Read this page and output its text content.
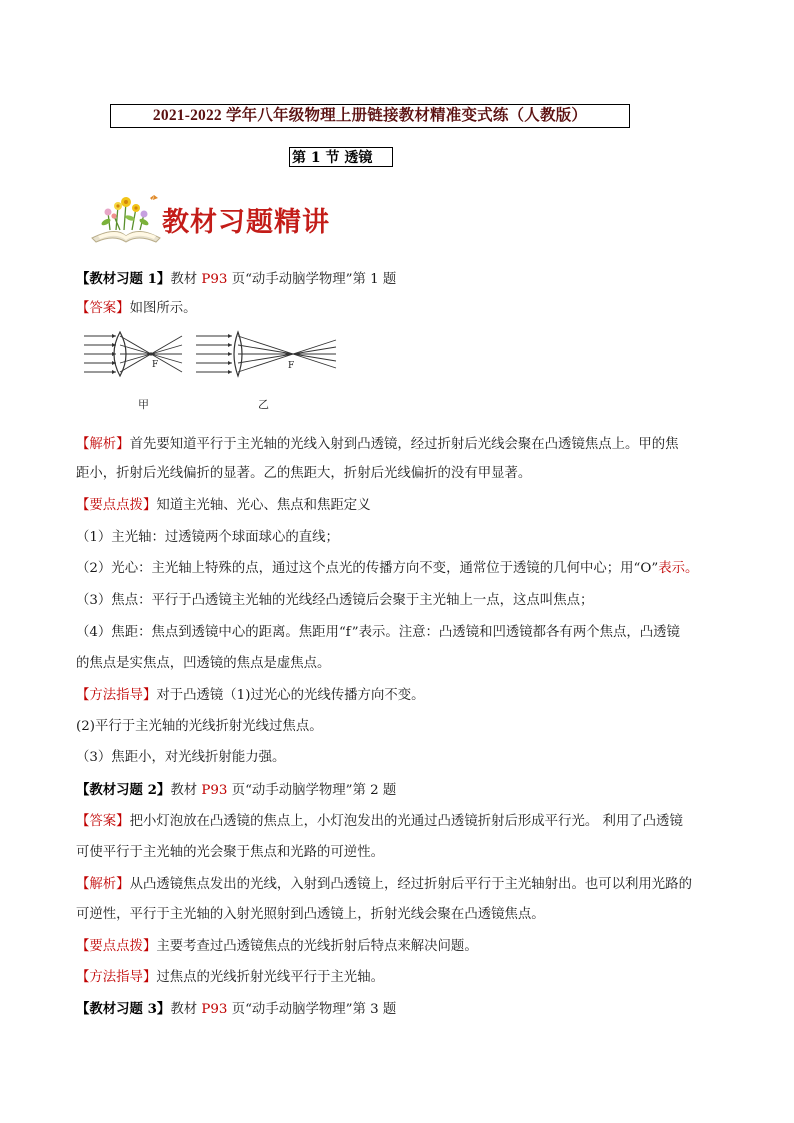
2021-2022 学年八年级物理上册链接教材精准变式练（人教版）
第 1 节 透镜
教材习题精讲
【教材习题 1】教材 P93 页“动手动脑学物理”第 1 题
【答案】如图所示。
F	F
甲	乙
【解析】首先要知道平行于主光轴的光线入射到凸透镜，经过折射后光线会聚在凸透镜焦点上。甲的焦
距小，折射后光线偏折的显著。乙的焦距大，折射后光线偏折的没有甲显著。
【要点点拨】知道主光轴、光心、焦点和焦距定义
（1）主光轴：过透镜两个球面球心的直线；
（2）光心：主光轴上特殊的点，通过这个点光的传播方向不变，通常位于透镜的几何中心；用“O”表示。
（3）焦点：平行于凸透镜主光轴的光线经凸透镜后会聚于主光轴上一点，这点叫焦点；
（4）焦距：焦点到透镜中心的距离。焦距用“f”表示。注意：凸透镜和凹透镜都各有两个焦点，凸透镜
的焦点是实焦点，凹透镜的焦点是虚焦点。
【方法指导】对于凸透镜（1)过光心的光线传播方向不变。
(2)平行于主光轴的光线折射光线过焦点。
（3）焦距小，对光线折射能力强。
【教材习题 2】教材 P93 页“动手动脑学物理”第 2 题
【答案】把小灯泡放在凸透镜的焦点上，小灯泡发出的光通过凸透镜折射后形成平行光。 利用了凸透镜
可使平行于主光轴的光会聚于焦点和光路的可逆性。
【解析】从凸透镜焦点发出的光线，入射到凸透镜上，经过折射后平行于主光轴射出。也可以利用光路的
可逆性，平行于主光轴的入射光照射到凸透镜上，折射光线会聚在凸透镜焦点。
【要点点拨】主要考查过凸透镜焦点的光线折射后特点来解决问题。
【方法指导】过焦点的光线折射光线平行于主光轴。
【教材习题 3】教材 P93 页“动手动脑学物理”第 3 题
